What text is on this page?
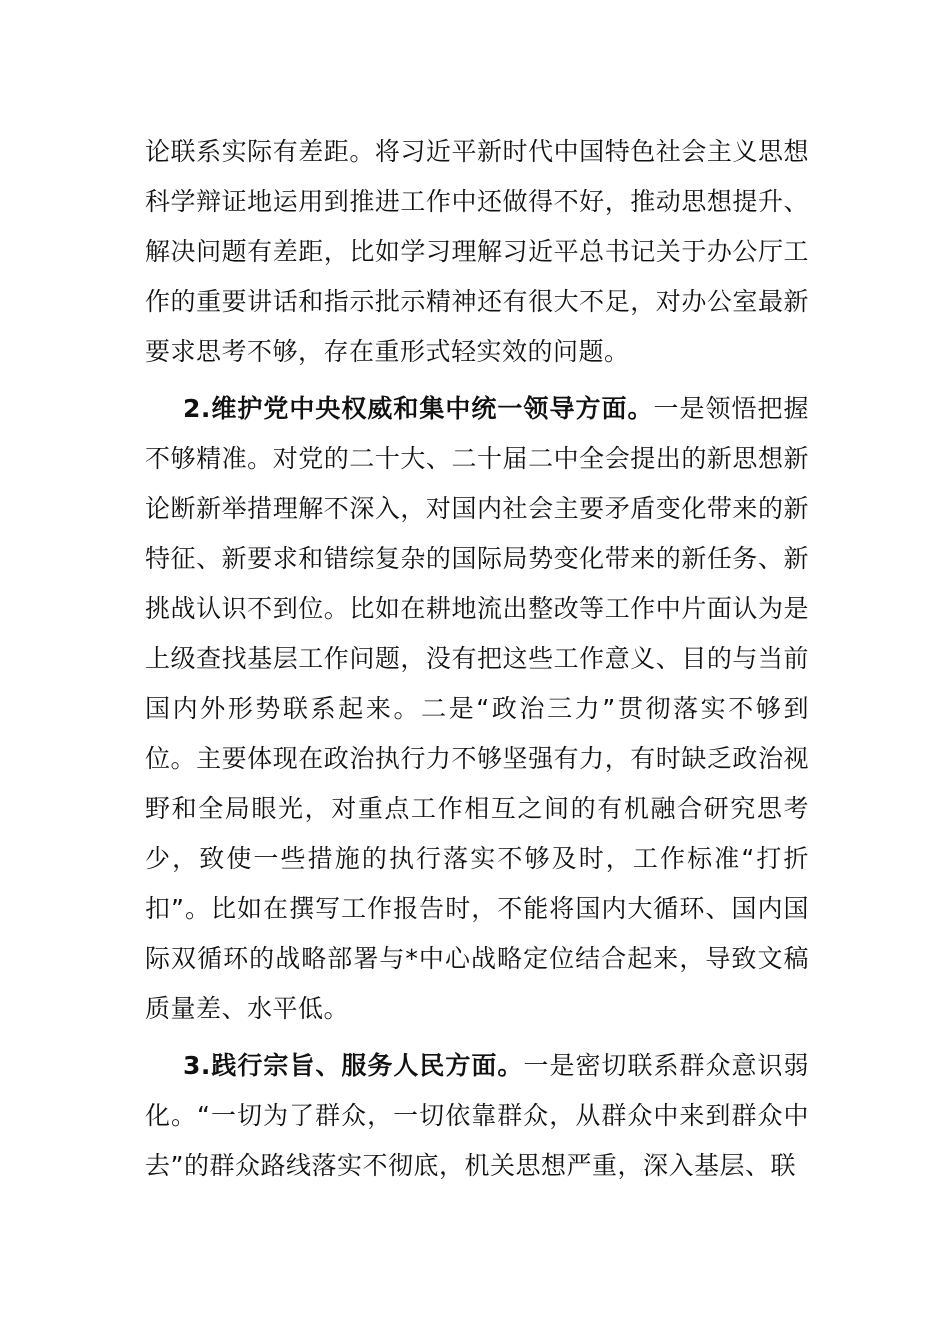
论联系实际有差距。将习近平新时代中国特色社会主义思想科学辩证地运用到推进工作中还做得不好，推动思想提升、解决问题有差距，比如学习理解习近平总书记关于办公厅工作的重要讲话和指示批示精神还有很大不足，对办公室最新要求思考不够，存在重形式轻实效的问题。

2.维护党中央权威和集中统一领导方面。一是领悟把握不够精准。对党的二十大、二十届二中全会提出的新思想新论断新举措理解不深入，对国内社会主要矛盾变化带来的新特征、新要求和错综复杂的国际局势变化带来的新任务、新挑战认识不到位。比如在耕地流出整改等工作中片面认为是上级查找基层工作问题，没有把这些工作意义、目的与当前国内外形势联系起来。二是“政治三力”贯彻落实不够到位。主要体现在政治执行力不够坚强有力，有时缺乏政治视野和全局眼光，对重点工作相互之间的有机融合研究思考少，致使一些措施的执行落实不够及时，工作标准“打折扣”。比如在撰写工作报告时，不能将国内大循环、国内国际双循环的战略部署与*中心战略定位结合起来，导致文稿质量差、水平低。

3.践行宗旨、服务人民方面。一是密切联系群众意识弱化。“一切为了群众，一切依靠群众，从群众中来到群众中去”的群众路线落实不彻底，机关思想严重，深入基层、联
